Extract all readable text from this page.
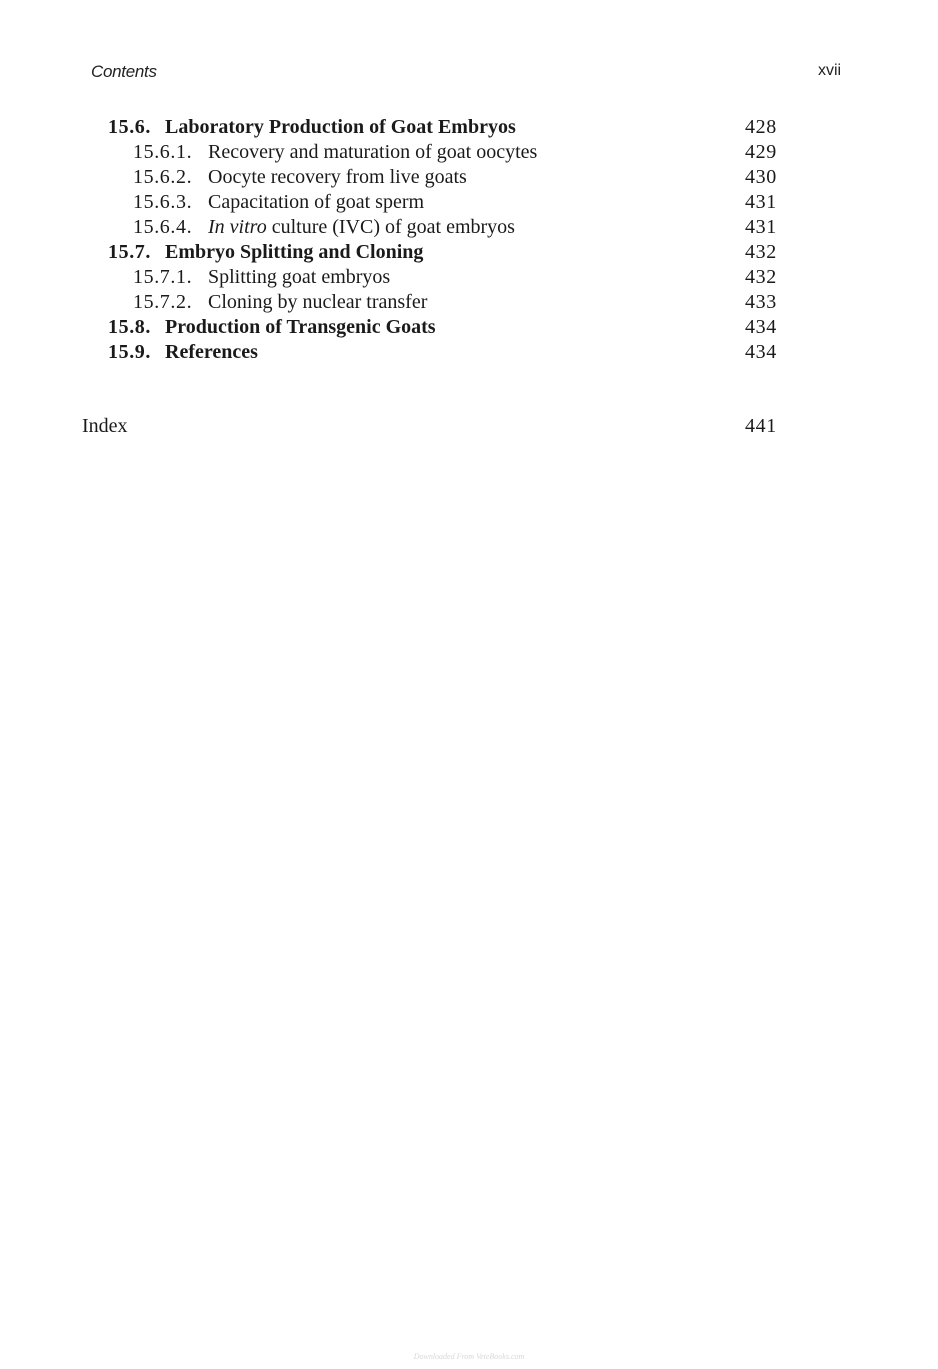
Contents	xvii
15.6. Laboratory Production of Goat Embryos	428
15.6.1. Recovery and maturation of goat oocytes	429
15.6.2. Oocyte recovery from live goats	430
15.6.3. Capacitation of goat sperm	431
15.6.4. In vitro culture (IVC) of goat embryos	431
15.7. Embryo Splitting and Cloning	432
15.7.1. Splitting goat embryos	432
15.7.2. Cloning by nuclear transfer	433
15.8. Production of Transgenic Goats	434
15.9. References	434
Index	441
Downloaded From VeteBooks.com
